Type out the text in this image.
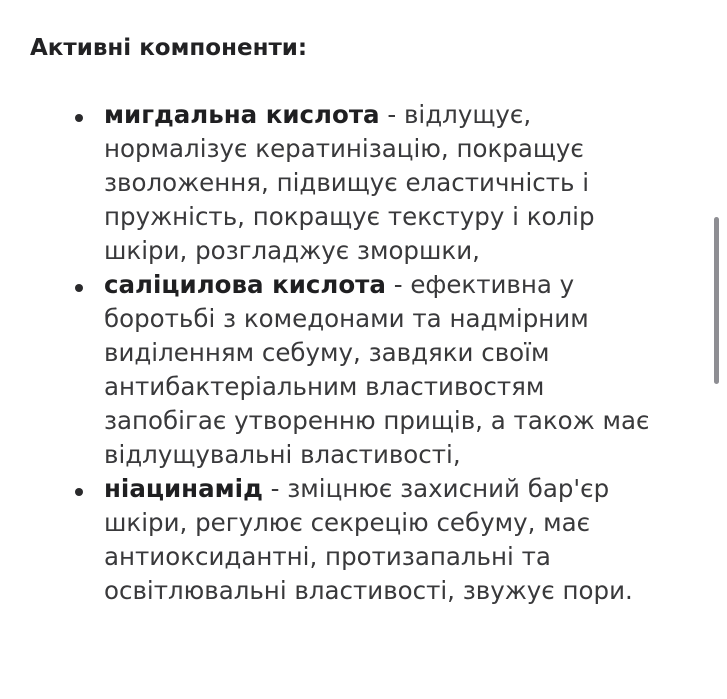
Активні компоненти:
мигдальна кислота - відлущує,
нормалізує кератинізацію, покращує
зволоження, підвищує еластичність і
пружність, покращує текстуру і колір
шкіри, розгладжує зморшки,
саліцилова кислота - ефективна у
боротьбі з комедонами та надмірним
виділенням себуму, завдяки своїм
антибактеріальним властивостям
запобігає утворенню прищів, а також має
відлущувальні властивості,
ніацинамід - зміцнює захисний бар'єр
шкіри, регулює секрецію себуму, має
антиоксидантні, протизапальні та
освітлювальні властивості, звужує пори.
